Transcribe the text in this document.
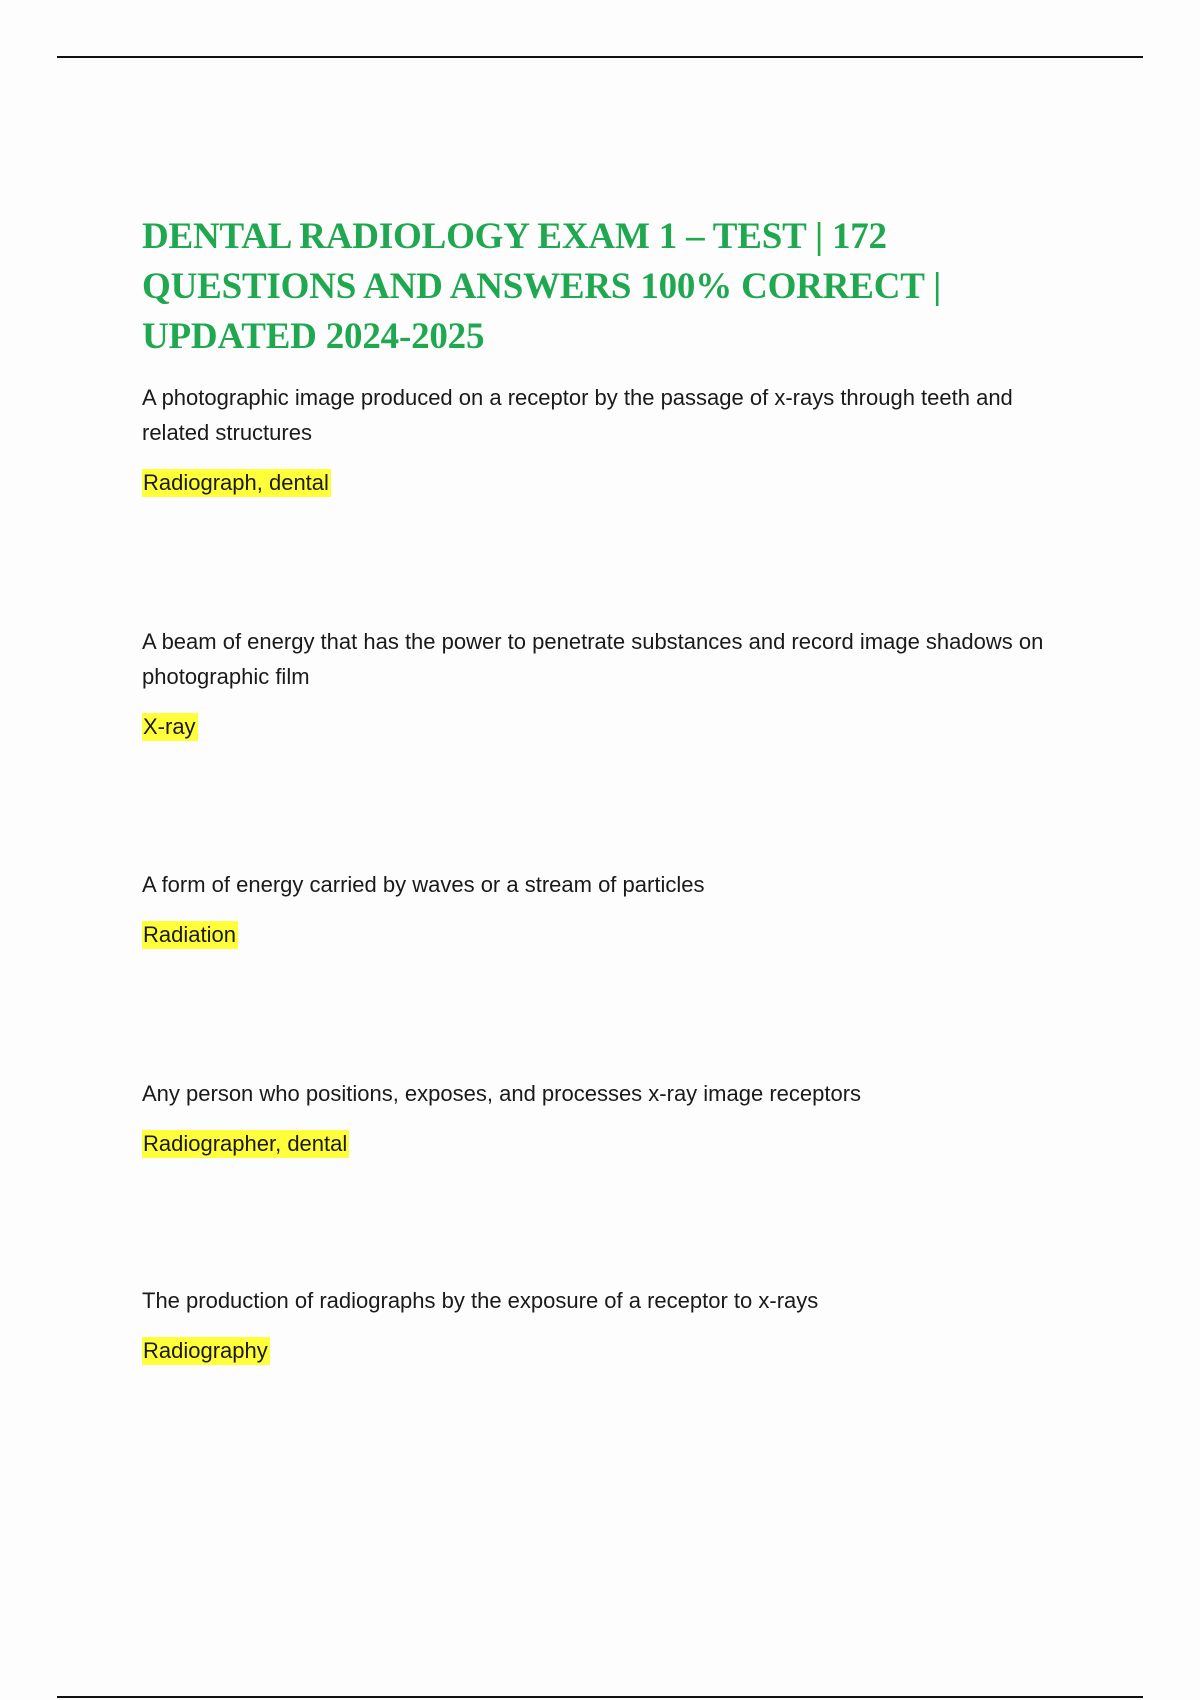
DENTAL RADIOLOGY EXAM 1 – TEST | 172 QUESTIONS AND ANSWERS 100% CORRECT | UPDATED 2024-2025

A photographic image produced on a receptor by the passage of x-rays through teeth and related structures

Radiograph, dental

A beam of energy that has the power to penetrate substances and record image shadows on photographic film

X-ray

A form of energy carried by waves or a stream of particles

Radiation

Any person who positions, exposes, and processes x-ray image receptors

Radiographer, dental

The production of radiographs by the exposure of a receptor to x-rays

Radiography
